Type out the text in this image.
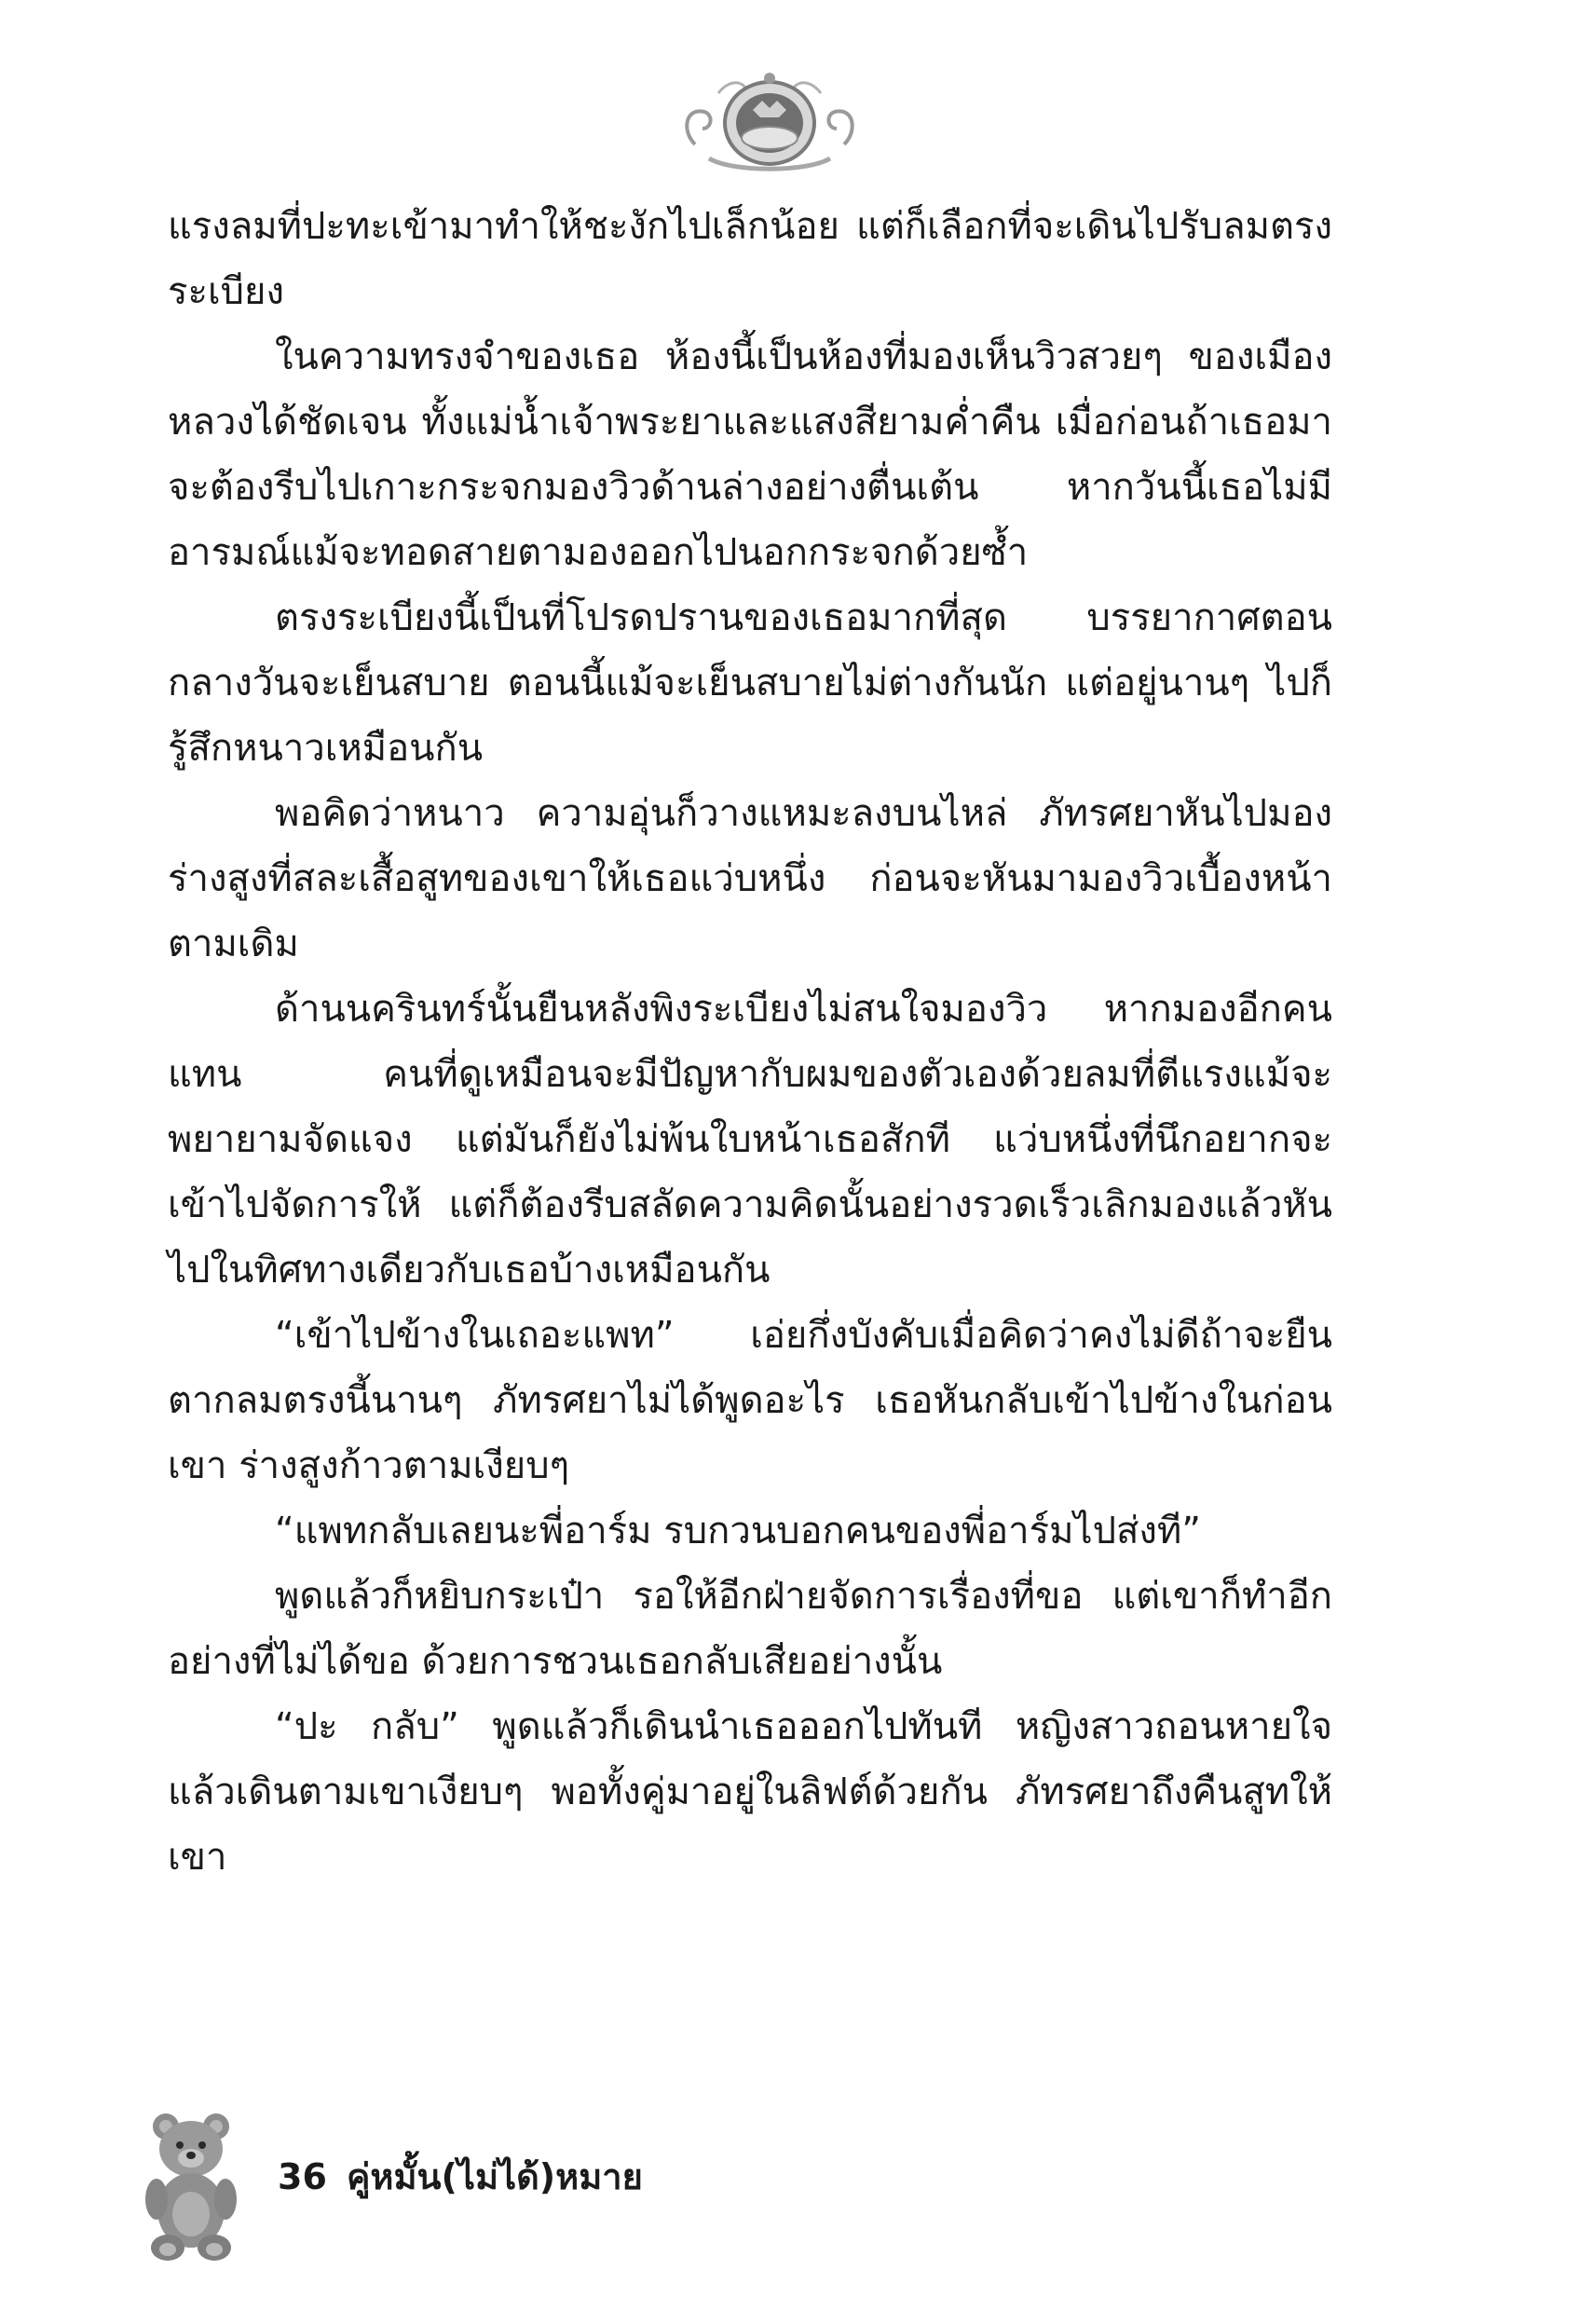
แรงลมที่ปะทะเข้ามาทำให้ชะงักไปเล็กน้อย แต่ก็เลือกที่จะเดินไปรับลมตรงระเบียง

ในความทรงจำของเธอ ห้องนี้เป็นห้องที่มองเห็นวิวสวยๆ ของเมืองหลวงได้ชัดเจน ทั้งแม่น้ำเจ้าพระยาและแสงสียามค่ำคืน เมื่อก่อนถ้าเธอมาจะต้องรีบไปเกาะกระจกมองวิวด้านล่างอย่างตื่นเต้น หากวันนี้เธอไม่มีอารมณ์แม้จะทอดสายตามองออกไปนอกกระจกด้วยซ้ำ

ตรงระเบียงนี้เป็นที่โปรดปรานของเธอมากที่สุด บรรยากาศตอนกลางวันจะเย็นสบาย ตอนนี้แม้จะเย็นสบายไม่ต่างกันนัก แต่อยู่นานๆ ไปก็รู้สึกหนาวเหมือนกัน

พอคิดว่าหนาว ความอุ่นก็วางแหมะลงบนไหล่ ภัทรศยาหันไปมองร่างสูงที่สละเสื้อสูทของเขาให้เธอแว่บหนึ่ง ก่อนจะหันมามองวิวเบื้องหน้าตามเดิม

ด้านนครินทร์นั้นยืนหลังพิงระเบียงไม่สนใจมองวิว หากมองอีกคนแทน คนที่ดูเหมือนจะมีปัญหากับผมของตัวเองด้วยลมที่ตีแรงแม้จะพยายามจัดแจง แต่มันก็ยังไม่พ้นใบหน้าเธอสักที แว่บหนึ่งที่นึกอยากจะเข้าไปจัดการให้ แต่ก็ต้องรีบสลัดความคิดนั้นอย่างรวดเร็วเลิกมองแล้วหันไปในทิศทางเดียวกับเธอบ้างเหมือนกัน

“เข้าไปข้างในเถอะแพท” เอ่ยกึ่งบังคับเมื่อคิดว่าคงไม่ดีถ้าจะยืนตากลมตรงนี้นานๆ ภัทรศยาไม่ได้พูดอะไร เธอหันกลับเข้าไปข้างในก่อนเขา ร่างสูงก้าวตามเงียบๆ

“แพทกลับเลยนะพี่อาร์ม รบกวนบอกคนของพี่อาร์มไปส่งที”

พูดแล้วก็หยิบกระเป๋า รอให้อีกฝ่ายจัดการเรื่องที่ขอ แต่เขาก็ทำอีกอย่างที่ไม่ได้ขอ ด้วยการชวนเธอกลับเสียอย่างนั้น

“ปะ กลับ” พูดแล้วก็เดินนำเธอออกไปทันที หญิงสาวถอนหายใจแล้วเดินตามเขาเงียบๆ พอทั้งคู่มาอยู่ในลิฟต์ด้วยกัน ภัทรศยาถึงคืนสูทให้เขา

36 คู่หมั้น(ไม่ได้)หมาย
